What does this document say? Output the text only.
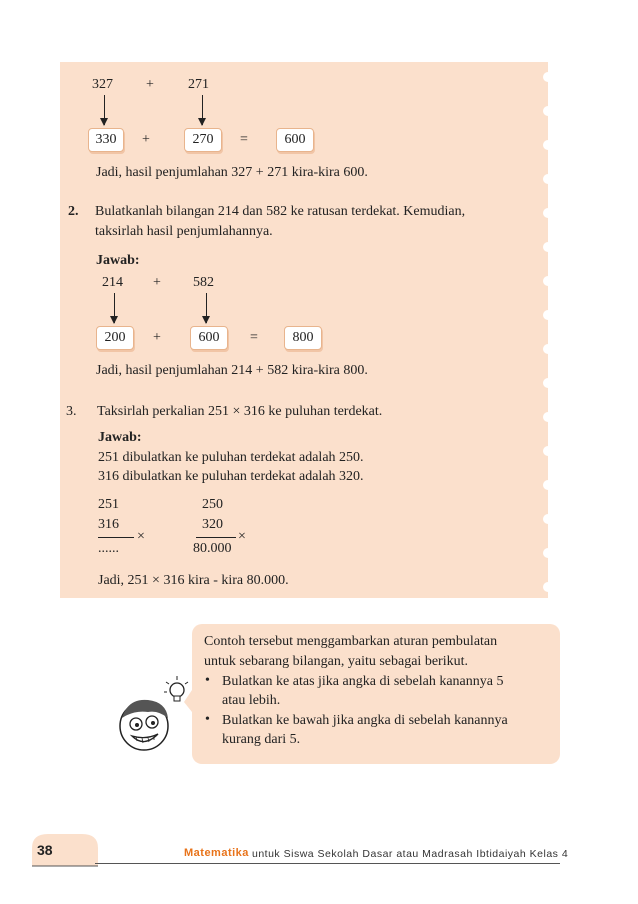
327 + 271
330	+	270	=	600
Jadi, hasil penjumlahan 327 + 271 kira-kira 600.
2. Bulatkanlah bilangan 214 dan 582 ke ratusan terdekat. Kemudian,
taksirlah hasil penjumlahannya.
Jawab:
214 + 582
200	+	600	=	800
Jadi, hasil penjumlahan 214 + 582 kira-kira 800.
3. Taksirlah perkalian 251 × 316 ke puluhan terdekat.
Jawab:
251 dibulatkan ke puluhan terdekat adalah 250.
316 dibulatkan ke puluhan terdekat adalah 320.
251
316
×
......
250
320
×
80.000
Jadi, 251 × 316 kira - kira 80.000.
Contoh tersebut menggambarkan aturan pembulatan
untuk sebarang bilangan, yaitu sebagai berikut.
• Bulatkan ke atas jika angka di sebelah kanannya 5
atau lebih.
• Bulatkan ke bawah jika angka di sebelah kanannya
kurang dari 5.
38	Matematika untuk Siswa Sekolah Dasar atau Madrasah Ibtidaiyah Kelas 4
